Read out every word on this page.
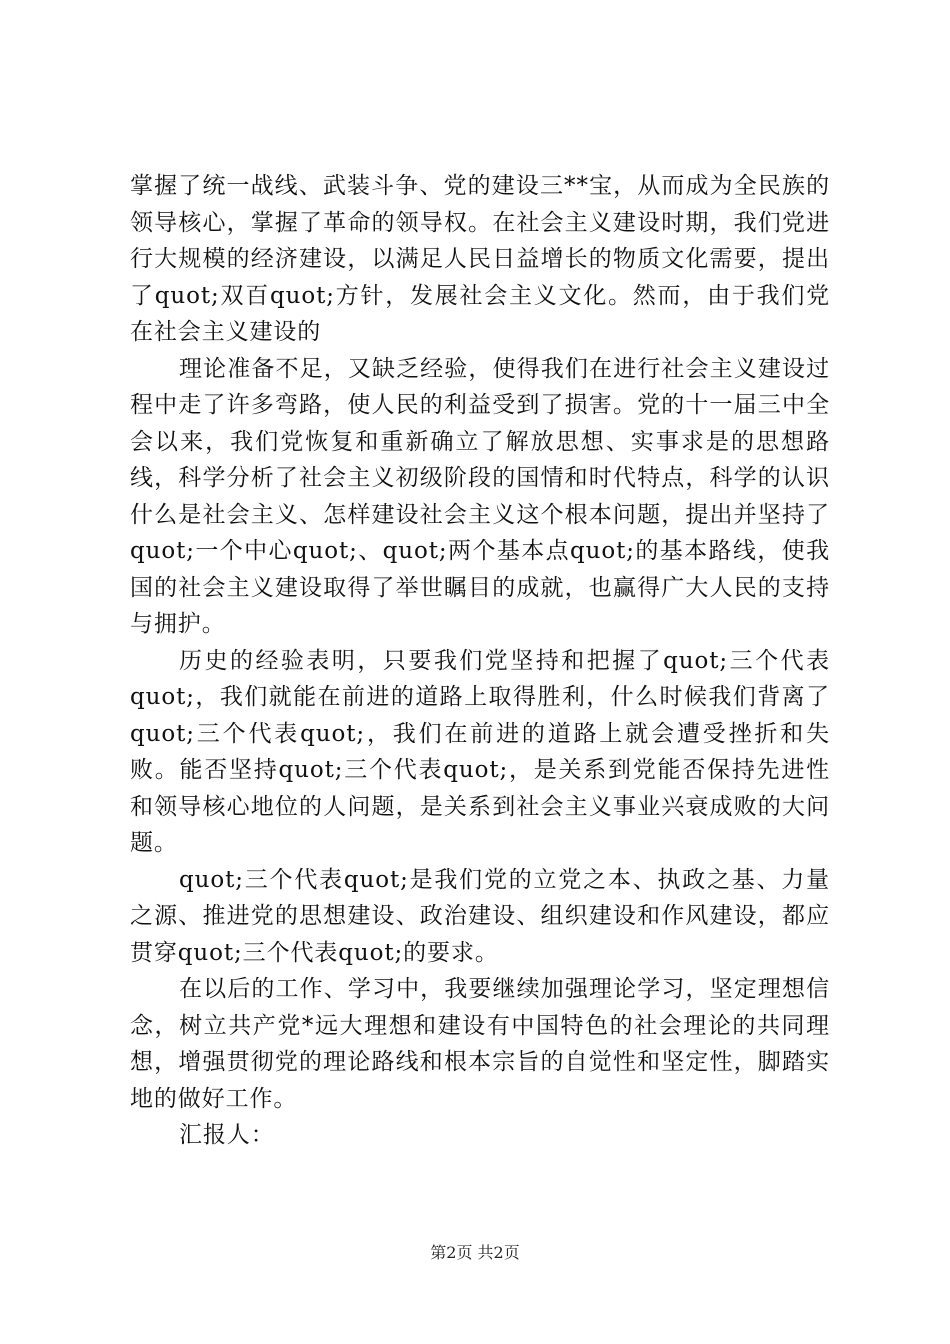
掌握了统一战线、武装斗争、党的建设三**宝，从而成为全民族的领导核心，掌握了革命的领导权。在社会主义建设时期，我们党进行大规模的经济建设，以满足人民日益增长的物质文化需要，提出了quot;双百quot;方针，发展社会主义文化。然而，由于我们党在社会主义建设的

理论准备不足，又缺乏经验，使得我们在进行社会主义建设过程中走了许多弯路，使人民的利益受到了损害。党的十一届三中全会以来，我们党恢复和重新确立了解放思想、实事求是的思想路线，科学分析了社会主义初级阶段的国情和时代特点，科学的认识什么是社会主义、怎样建设社会主义这个根本问题，提出并坚持了quot;一个中心quot;、quot;两个基本点quot;的基本路线，使我国的社会主义建设取得了举世瞩目的成就，也赢得广大人民的支持与拥护。

历史的经验表明，只要我们党坚持和把握了quot;三个代表quot;，我们就能在前进的道路上取得胜利，什么时候我们背离了quot;三个代表quot;，我们在前进的道路上就会遭受挫折和失败。能否坚持quot;三个代表quot;，是关系到党能否保持先进性和领导核心地位的人问题，是关系到社会主义事业兴衰成败的大问题。

quot;三个代表quot;是我们党的立党之本、执政之基、力量之源、推进党的思想建设、政治建设、组织建设和作风建设，都应贯穿quot;三个代表quot;的要求。

在以后的工作、学习中，我要继续加强理论学习，坚定理想信念，树立共产党*远大理想和建设有中国特色的社会理论的共同理想，增强贯彻党的理论路线和根本宗旨的自觉性和坚定性，脚踏实地的做好工作。

汇报人：

第2页 共2页
